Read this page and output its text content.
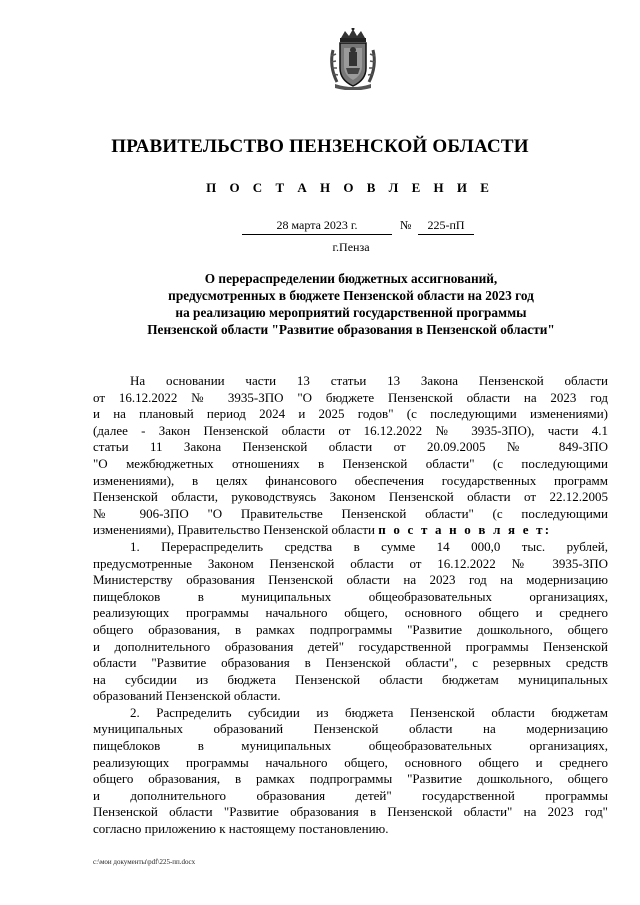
ПРАВИТЕЛЬСТВО ПЕНЗЕНСКОЙ ОБЛАСТИ
П О С Т А Н О В Л Е Н И Е
28 марта 2023 г.	№	225-пП
г.Пенза
О перераспределении бюджетных ассигнований,
предусмотренных в бюджете Пензенской области на 2023 год
на реализацию мероприятий государственной программы
Пензенской области "Развитие образования в Пензенской области"
На основании части 13 статьи 13 Закона Пензенской области
от 16.12.2022 № 3935-ЗПО "О бюджете Пензенской области на 2023 год
и на плановый период 2024 и 2025 годов" (с последующими изменениями)
(далее - Закон Пензенской области от 16.12.2022 № 3935-ЗПО), части 4.1
статьи 11 Закона Пензенской области от 20.09.2005 № 849-ЗПО
"О межбюджетных отношениях в Пензенской области" (с последующими
изменениями), в целях финансового обеспечения государственных программ
Пензенской области, руководствуясь Законом Пензенской области от 22.12.2005
№ 906-ЗПО "О Правительстве Пензенской области" (с последующими
изменениями), Правительство Пензенской области п о с т а н о в л я е т:
1. Перераспределить средства в сумме 14 000,0 тыс. рублей,
предусмотренные Законом Пензенской области от 16.12.2022 № 3935-ЗПО
Министерству образования Пензенской области на 2023 год на модернизацию
пищеблоков в муниципальных общеобразовательных организациях,
реализующих программы начального общего, основного общего и среднего
общего образования, в рамках подпрограммы "Развитие дошкольного, общего
и дополнительного образования детей" государственной программы Пензенской
области "Развитие образования в Пензенской области", с резервных средств
на субсидии из бюджета Пензенской области бюджетам муниципальных
образований Пензенской области.
2. Распределить субсидии из бюджета Пензенской области бюджетам
муниципальных образований Пензенской области на модернизацию
пищеблоков в муниципальных общеобразовательных организациях,
реализующих программы начального общего, основного общего и среднего
общего образования, в рамках подпрограммы "Развитие дошкольного, общего
и дополнительного образования детей" государственной программы
Пензенской области "Развитие образования в Пензенской области" на 2023 год"
согласно приложению к настоящему постановлению.
c:\мои документы\pdf\225-пп.docx
